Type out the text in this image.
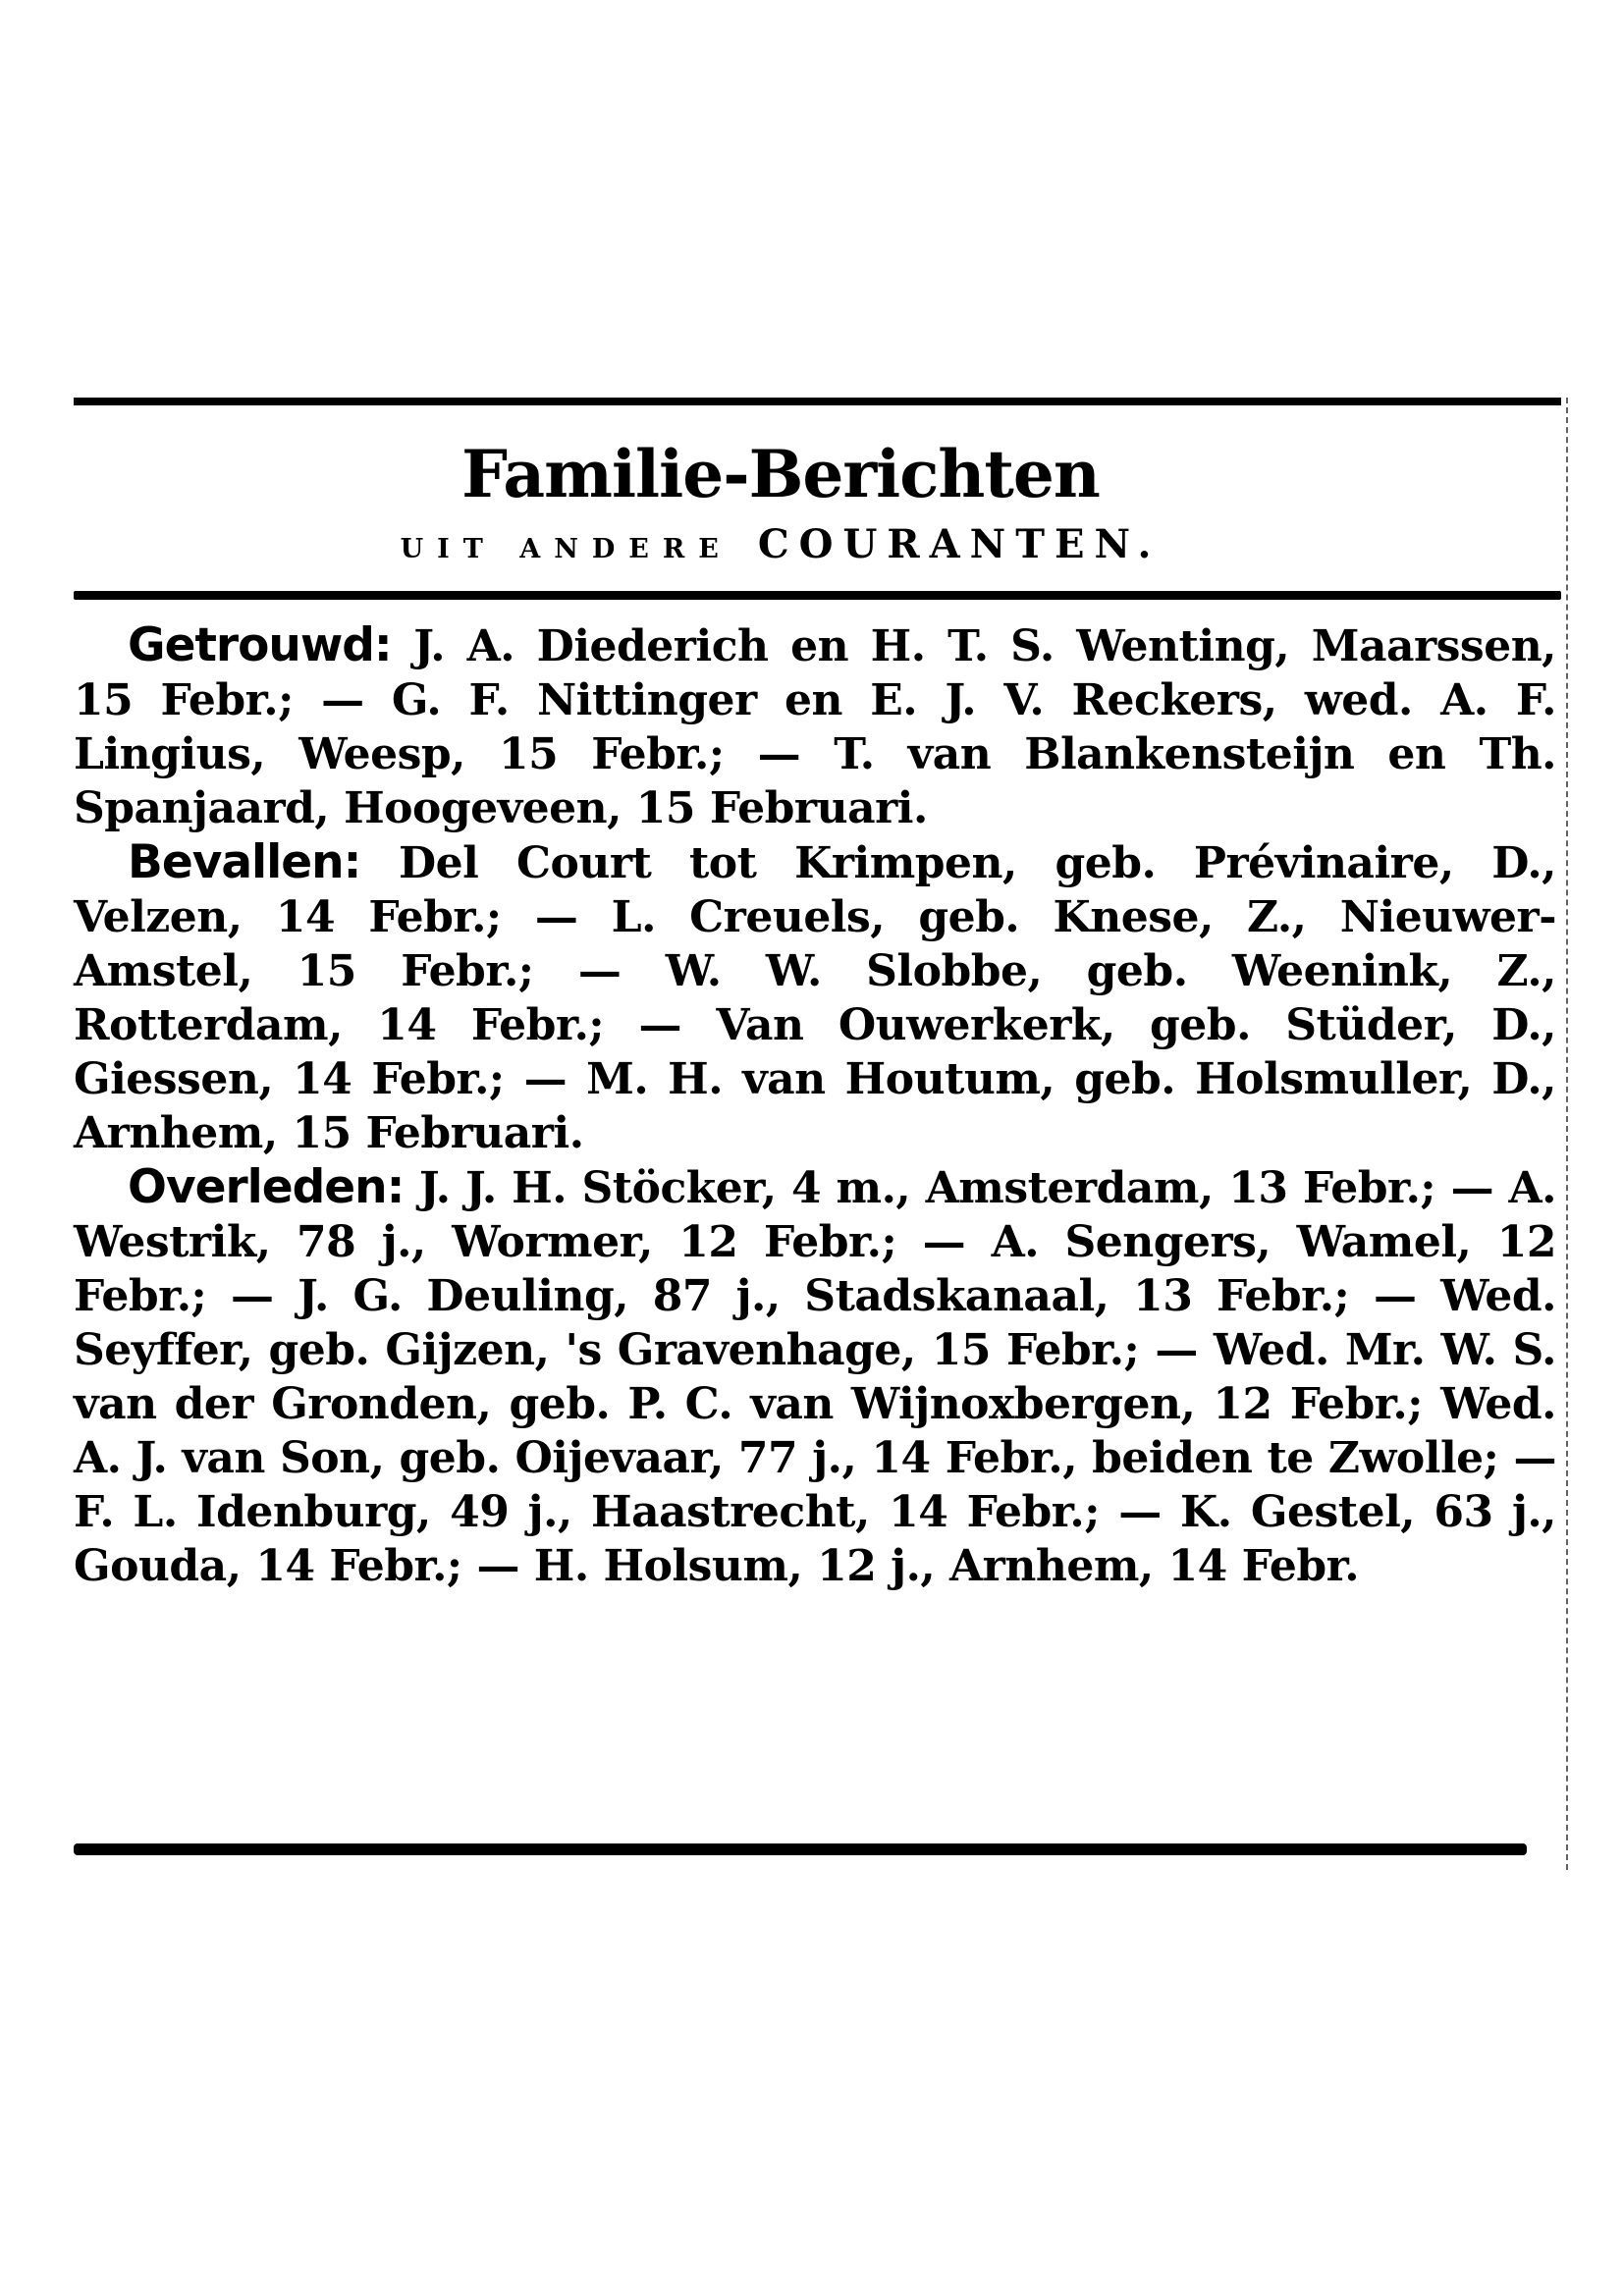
Familie-Berichten
UIT ANDERE COURANTEN.

Getrouwd: J. A. Diederich en H. T. S. Wenting, Maarssen, 15 Febr.; — G. F. Nittinger en E. J. V. Reckers, wed. A. F. Lingius, Weesp, 15 Febr.; — T. van Blankensteijn en Th. Spanjaard, Hoogeveen, 15 Februari.

Bevallen: Del Court tot Krimpen, geb. Prévinaire, D., Velzen, 14 Febr.; — L. Creuels, geb. Knese, Z., Nieuwer-Amstel, 15 Febr.; — W. W. Slobbe, geb. Weenink, Z., Rotterdam, 14 Febr.; — Van Ouwerkerk, geb. Stüder, D., Giessen, 14 Febr.; — M. H. van Houtum, geb. Holsmuller, D., Arnhem, 15 Februari.

Overleden: J. J. H. Stöcker, 4 m., Amsterdam, 13 Febr.; — A. Westrik, 78 j., Wormer, 12 Febr.; — A. Sengers, Wamel, 12 Febr.; — J. G. Deuling, 87 j., Stadskanaal, 13 Febr.; — Wed. Seyffer, geb. Gijzen, 's Gravenhage, 15 Febr.; — Wed. Mr. W. S. van der Gronden, geb. P. C. van Wijnoxbergen, 12 Febr.; Wed. A. J. van Son, geb. Oijevaar, 77 j., 14 Febr., beiden te Zwolle; — F. L. Idenburg, 49 j., Haastrecht, 14 Febr.; — K. Gestel, 63 j., Gouda, 14 Febr.; — H. Holsum, 12 j., Arnhem, 14 Febr.
